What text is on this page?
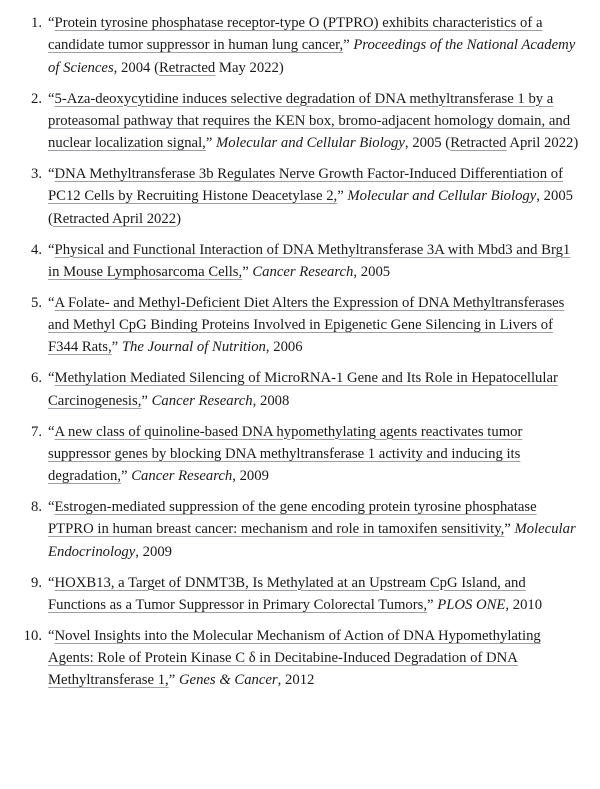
“Protein tyrosine phosphatase receptor-type O (PTPRO) exhibits characteristics of a candidate tumor suppressor in human lung cancer,” Proceedings of the National Academy of Sciences, 2004 (Retracted May 2022)
“5-Aza-deoxycytidine induces selective degradation of DNA methyltransferase 1 by a proteasomal pathway that requires the KEN box, bromo-adjacent homology domain, and nuclear localization signal,” Molecular and Cellular Biology, 2005 (Retracted April 2022)
“DNA Methyltransferase 3b Regulates Nerve Growth Factor-Induced Differentiation of PC12 Cells by Recruiting Histone Deacetylase 2,” Molecular and Cellular Biology, 2005 (Retracted April 2022)
“Physical and Functional Interaction of DNA Methyltransferase 3A with Mbd3 and Brg1 in Mouse Lymphosarcoma Cells,” Cancer Research, 2005
“A Folate- and Methyl-Deficient Diet Alters the Expression of DNA Methyltransferases and Methyl CpG Binding Proteins Involved in Epigenetic Gene Silencing in Livers of F344 Rats,” The Journal of Nutrition, 2006
“Methylation Mediated Silencing of MicroRNA-1 Gene and Its Role in Hepatocellular Carcinogenesis,” Cancer Research, 2008
“A new class of quinoline-based DNA hypomethylating agents reactivates tumor suppressor genes by blocking DNA methyltransferase 1 activity and inducing its degradation,” Cancer Research, 2009
“Estrogen-mediated suppression of the gene encoding protein tyrosine phosphatase PTPRO in human breast cancer: mechanism and role in tamoxifen sensitivity,” Molecular Endocrinology, 2009
“HOXB13, a Target of DNMT3B, Is Methylated at an Upstream CpG Island, and Functions as a Tumor Suppressor in Primary Colorectal Tumors,” PLOS ONE, 2010
“Novel Insights into the Molecular Mechanism of Action of DNA Hypomethylating Agents: Role of Protein Kinase C δ in Decitabine-Induced Degradation of DNA Methyltransferase 1,” Genes & Cancer, 2012
